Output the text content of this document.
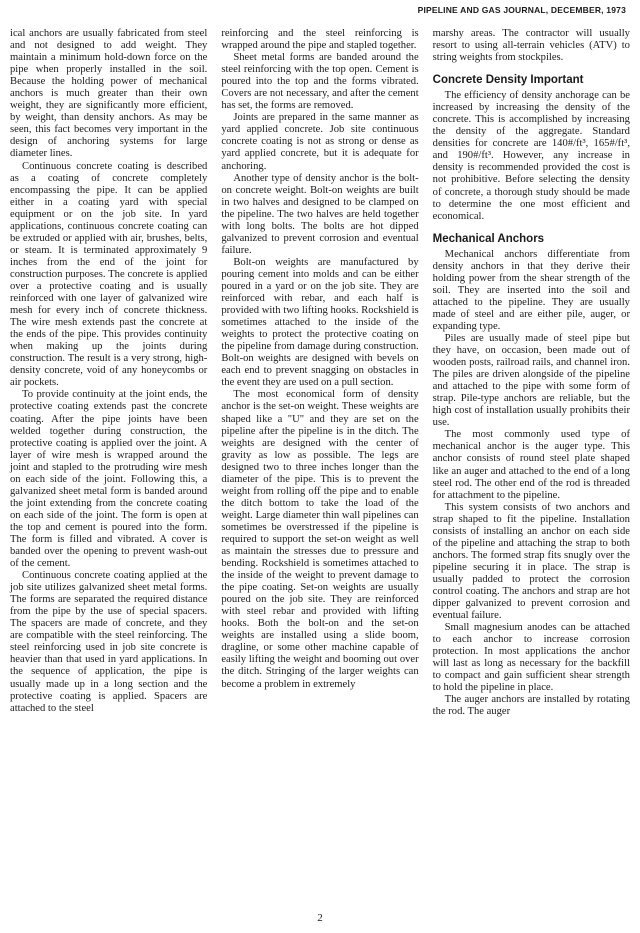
PIPELINE AND GAS JOURNAL, DECEMBER, 1973

ical anchors are usually fabricated from steel and not designed to add weight. They maintain a minimum hold-down force on the pipe when properly installed in the soil. Because the holding power of mechanical anchors is much greater than their own weight, they are significantly more efficient, by weight, than density anchors. As may be seen, this fact becomes very important in the design of anchoring systems for large diameter lines.

Continuous concrete coating is described as a coating of concrete completely encompassing the pipe. It can be applied either in a coating yard with special equipment or on the job site. In yard applications, continuous concrete coating can be extruded or applied with air, brushes, belts, or steam. It is terminated approximately 9 inches from the end of the joint for construction purposes. The concrete is applied over a protective coating and is usually reinforced with one layer of galvanized wire mesh for every inch of concrete thickness. The wire mesh extends past the concrete at the ends of the pipe. This provides continuity when making up the joints during construction. The result is a very strong, high-density concrete, void of any honeycombs or air pockets.

To provide continuity at the joint ends, the protective coating extends past the concrete coating. After the pipe joints have been welded together during construction, the protective coating is applied over the joint. A layer of wire mesh is wrapped around the joint and stapled to the protruding wire mesh on each side of the joint. Following this, a galvanized sheet metal form is banded around the joint extending from the concrete coating on each side of the joint. The form is open at the top and cement is poured into the form. The form is filled and vibrated. A cover is banded over the opening to prevent wash-out of the cement.

Continuous concrete coating applied at the job site utilizes galvanized sheet metal forms. The forms are separated the required distance from the pipe by the use of special spacers. The spacers are made of concrete, and they are compatible with the steel reinforcing. The steel reinforcing used in job site concrete is heavier than that used in yard applications. In the sequence of application, the pipe is usually made up in a long section and the protective coating is applied. Spacers are attached to the steel

reinforcing and the steel reinforcing is wrapped around the pipe and stapled together.

Sheet metal forms are banded around the steel reinforcing with the top open. Cement is poured into the top and the forms vibrated. Covers are not necessary, and after the cement has set, the forms are removed.

Joints are prepared in the same manner as yard applied concrete. Job site continuous concrete coating is not as strong or dense as yard applied concrete, but it is adequate for anchoring.

Another type of density anchor is the bolt-on concrete weight. Bolt-on weights are built in two halves and designed to be clamped on the pipeline. The two halves are held together with long bolts. The bolts are hot dipped galvanized to prevent corrosion and eventual failure.

Bolt-on weights are manufactured by pouring cement into molds and can be either poured in a yard or on the job site. They are reinforced with rebar, and each half is provided with two lifting hooks. Rockshield is sometimes attached to the inside of the weights to protect the protective coating on the pipeline from damage during construction. Bolt-on weights are designed with bevels on each end to prevent snagging on obstacles in the event they are used on a pull section.

The most economical form of density anchor is the set-on weight. These weights are shaped like a "U" and they are set on the pipeline after the pipeline is in the ditch. The weights are designed with the center of gravity as low as possible. The legs are designed two to three inches longer than the diameter of the pipe. This is to prevent the weight from rolling off the pipe and to enable the ditch bottom to take the load of the weight. Large diameter thin wall pipelines can sometimes be overstressed if the pipeline is required to support the set-on weight as well as maintain the stresses due to pressure and bending. Rockshield is sometimes attached to the inside of the weight to prevent damage to the pipe coating. Set-on weights are usually poured on the job site. They are reinforced with steel rebar and provided with lifting hooks. Both the bolt-on and the set-on weights are installed using a slide boom, dragline, or some other machine capable of easily lifting the weight and booming out over the ditch. Stringing of the larger weights can become a problem in extremely

marshy areas. The contractor will usually resort to using all-terrain vehicles (ATV) to string weights from stockpiles.

Concrete Density Important

The efficiency of density anchorage can be increased by increasing the density of the concrete. This is accomplished by increasing the density of the aggregate. Standard densities for concrete are 140#/ft³, 165#/ft³, and 190#/ft³. However, any increase in density is recommended provided the cost is not prohibitive. Before selecting the density of concrete, a thorough study should be made to determine the one most efficient and economical.

Mechanical Anchors

Mechanical anchors differentiate from density anchors in that they derive their holding power from the shear strength of the soil. They are inserted into the soil and attached to the pipeline. They are usually made of steel and are either pile, auger, or expanding type.

Piles are usually made of steel pipe but they have, on occasion, been made out of wooden posts, railroad rails, and channel iron. The piles are driven alongside of the pipeline and attached to the pipe with some form of strap. Pile-type anchors are reliable, but the high cost of installation usually prohibits their use.

The most commonly used type of mechanical anchor is the auger type. This anchor consists of round steel plate shaped like an auger and attached to the end of a long steel rod. The other end of the rod is threaded for attachment to the pipeline.

This system consists of two anchors and strap shaped to fit the pipeline. Installation consists of installing an anchor on each side of the pipeline and attaching the strap to both anchors. The formed strap fits snugly over the pipeline securing it in place. The strap is usually padded to protect the corrosion control coating. The anchors and strap are hot dipper galvanized to prevent corrosion and eventual failure.

Small magnesium anodes can be attached to each anchor to increase corrosion protection. In most applications the anchor will last as long as necessary for the backfill to compact and gain sufficient shear strength to hold the pipeline in place.

The auger anchors are installed by rotating the rod. The auger

2
